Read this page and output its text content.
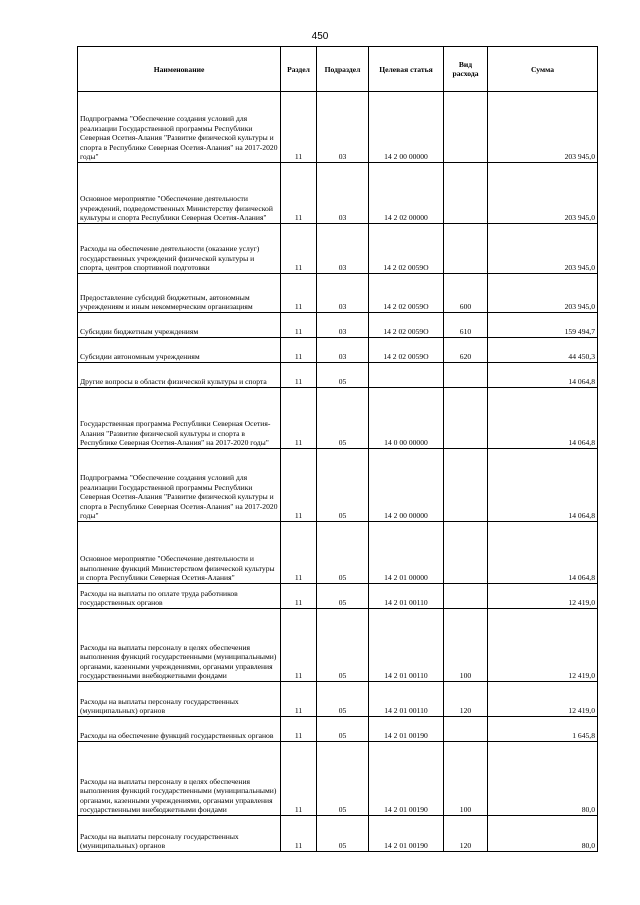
450
Наименование	Раздел	Подраздел	Целевая статья	Вид расхода	Сумма
Подпрограмма "Обеспечение создания условий для реализации Государственной программы Республики Северная Осетия-Алания "Развитие физической культуры и спорта в Республике Северная Осетия-Алания" на 2017-2020 годы"	11	03	14 2 00 00000		203 945,0
Основное мероприятие "Обеспечение деятельности учреждений, подведомственных Министерству физической культуры и спорта Республики Северная Осетия-Алания"	11	03	14 2 02 00000		203 945,0
Расходы на обеспечение деятельности (оказание услуг) государственных учреждений физической культуры и спорта, центров спортивной подготовки	11	03	14 2 02 0059О		203 945,0
Предоставление субсидий бюджетным, автономным учреждениям и иным некоммерческим организациям	11	03	14 2 02 0059О	600	203 945,0
Субсидии бюджетным учреждениям	11	03	14 2 02 0059О	610	159 494,7
Субсидии автономным учреждениям	11	03	14 2 02 0059О	620	44 450,3
Другие вопросы в области физической культуры и спорта	11	05			14 064,8
Государственная программа Республики Северная Осетия-Алания "Развитие физической культуры и спорта в Республике Северная Осетия-Алания" на 2017-2020 годы"	11	05	14 0 00 00000		14 064,8
Подпрограмма "Обеспечение создания условий для реализации Государственной программы Республики Северная Осетия-Алания "Развитие физической культуры и спорта в Республике Северная Осетия-Алания" на 2017-2020 годы"	11	05	14 2 00 00000		14 064,8
Основное мероприятие "Обеспечение деятельности и выполнение функций Министерством физической культуры и спорта Республики Северная Осетия-Алания"	11	05	14 2 01 00000		14 064,8
Расходы на выплаты по оплате труда работников государственных органов	11	05	14 2 01 00110		12 419,0
Расходы на выплаты персоналу в целях обеспечения выполнения функций государственными (муниципальными) органами, казенными учреждениями, органами управления государственными внебюджетными фондами	11	05	14 2 01 00110	100	12 419,0
Расходы на выплаты персоналу государственных (муниципальных) органов	11	05	14 2 01 00110	120	12 419,0
Расходы на обеспечение функций государственных органов	11	05	14 2 01 00190		1 645,8
Расходы на выплаты персоналу в целях обеспечения выполнения функций государственными (муниципальными) органами, казенными учреждениями, органами управления государственными внебюджетными фондами	11	05	14 2 01 00190	100	80,0
Расходы на выплаты персоналу государственных (муниципальных) органов	11	05	14 2 01 00190	120	80,0
